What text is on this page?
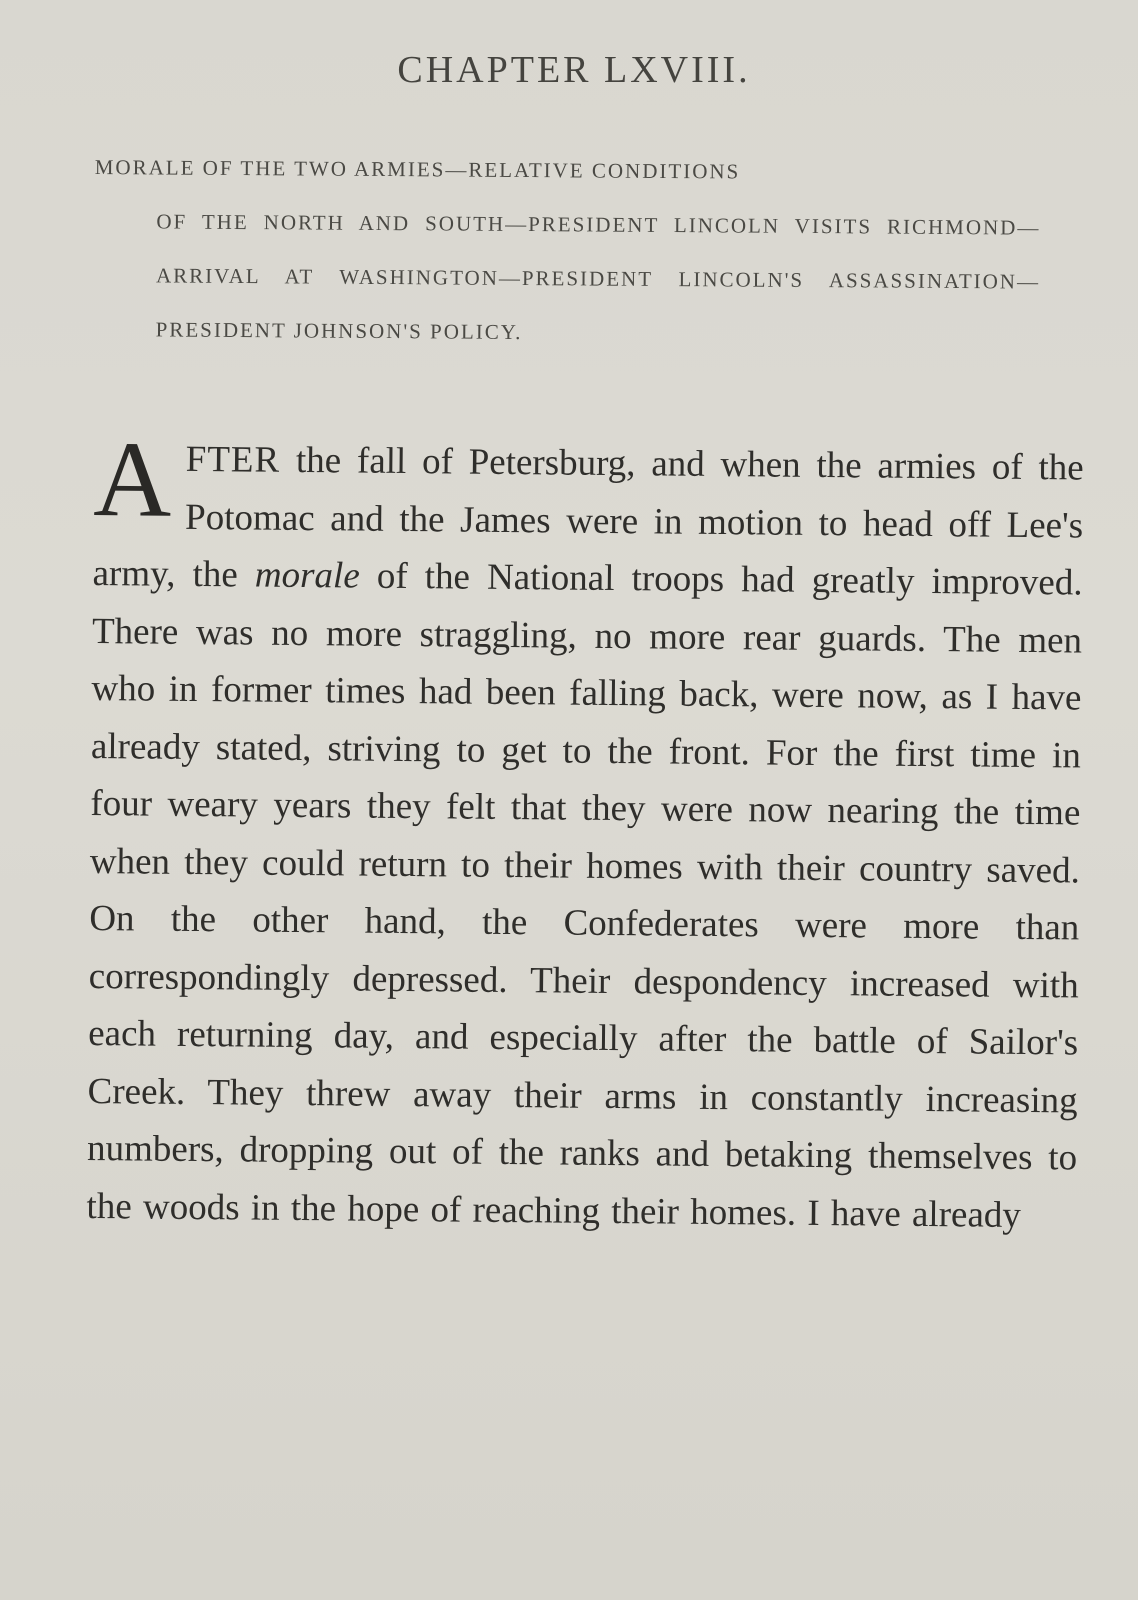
CHAPTER LXVIII.

MORALE OF THE TWO ARMIES—RELATIVE CONDITIONS
OF THE NORTH AND SOUTH—PRESIDENT LINCOLN VISITS RICHMOND—ARRIVAL AT WASHINGTON—PRESIDENT LINCOLN'S ASSASSINATION—PRESIDENT JOHNSON'S POLICY.

AFTER the fall of Petersburg, and when the armies of the Potomac and the James were in motion to head off Lee's army, the morale of the National troops had greatly improved. There was no more straggling, no more rear guards. The men who in former times had been falling back, were now, as I have already stated, striving to get to the front. For the first time in four weary years they felt that they were now nearing the time when they could return to their homes with their country saved. On the other hand, the Confederates were more than correspondingly depressed. Their despondency increased with each returning day, and especially after the battle of Sailor's Creek. They threw away their arms in constantly increasing numbers, dropping out of the ranks and betaking themselves to the woods in the hope of reaching their homes. I have already
